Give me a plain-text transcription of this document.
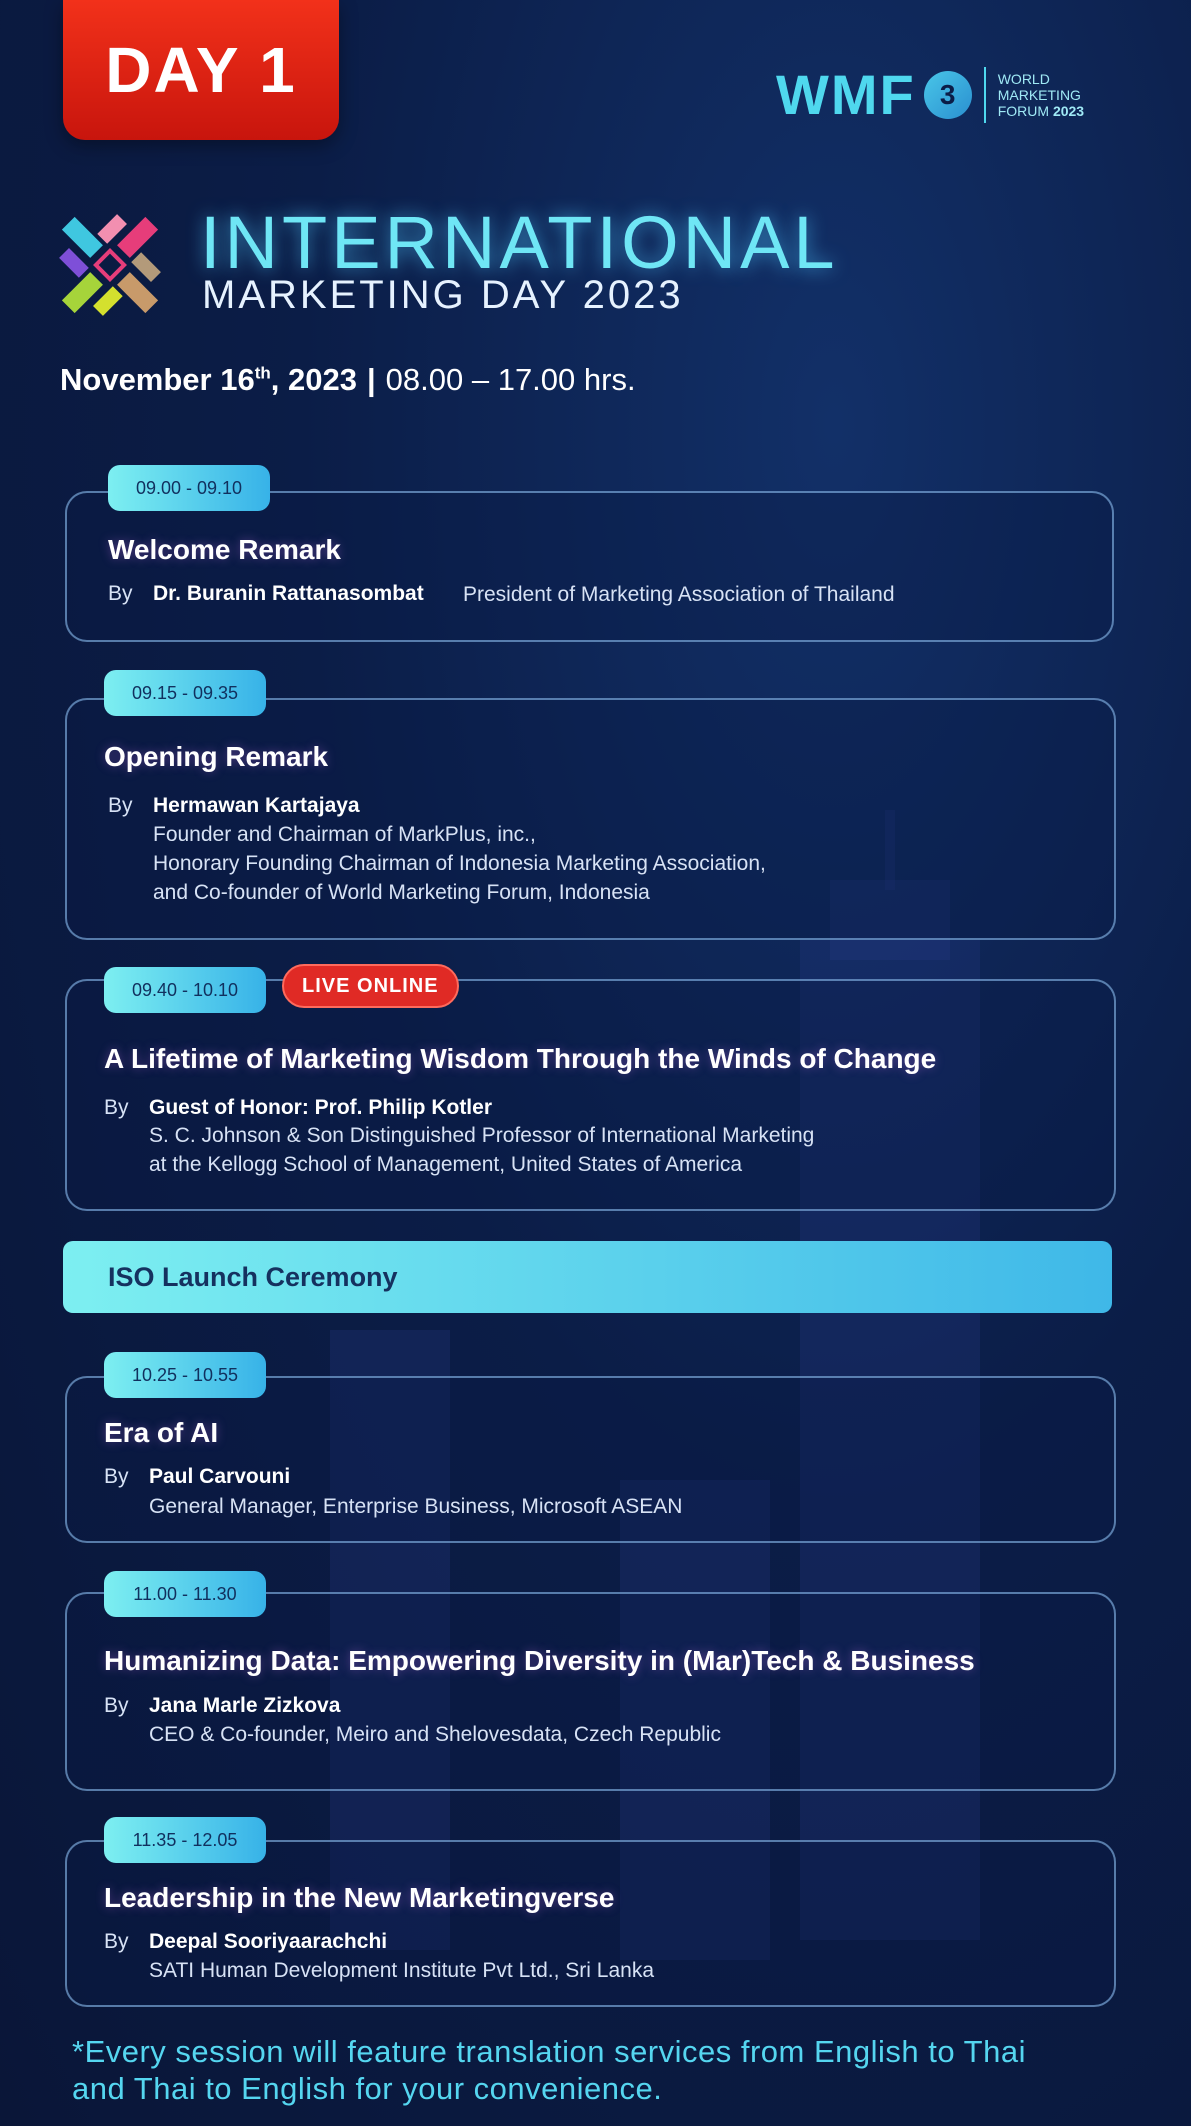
DAY 1	WMF 3	WORLD
MARKETING
FORUM 2023
INTERNATIONAL
MARKETING DAY 2023
November 16th, 2023 | 08.00 – 17.00 hrs.
09.00 - 09.10
Welcome Remark
By Dr. Buranin Rattanasombat President of Marketing Association of Thailand
09.15 - 09.35
Opening Remark
By Hermawan Kartajaya
Founder and Chairman of MarkPlus, inc.,
Honorary Founding Chairman of Indonesia Marketing Association,
and Co-founder of World Marketing Forum, Indonesia
09.40 - 10.10	LIVE ONLINE
A Lifetime of Marketing Wisdom Through the Winds of Change
By Guest of Honor: Prof. Philip Kotler
S. C. Johnson & Son Distinguished Professor of International Marketing
at the Kellogg School of Management, United States of America
ISO Launch Ceremony
10.25 - 10.55
Era of AI
By Paul Carvouni
General Manager, Enterprise Business, Microsoft ASEAN
11.00 - 11.30
Humanizing Data: Empowering Diversity in (Mar)Tech & Business
By Jana Marle Zizkova
CEO & Co-founder, Meiro and Shelovesdata, Czech Republic
11.35 - 12.05
Leadership in the New Marketingverse
By Deepal Sooriyaarachchi
SATI Human Development Institute Pvt Ltd., Sri Lanka
*Every session will feature translation services from English to Thai
and Thai to English for your convenience.
